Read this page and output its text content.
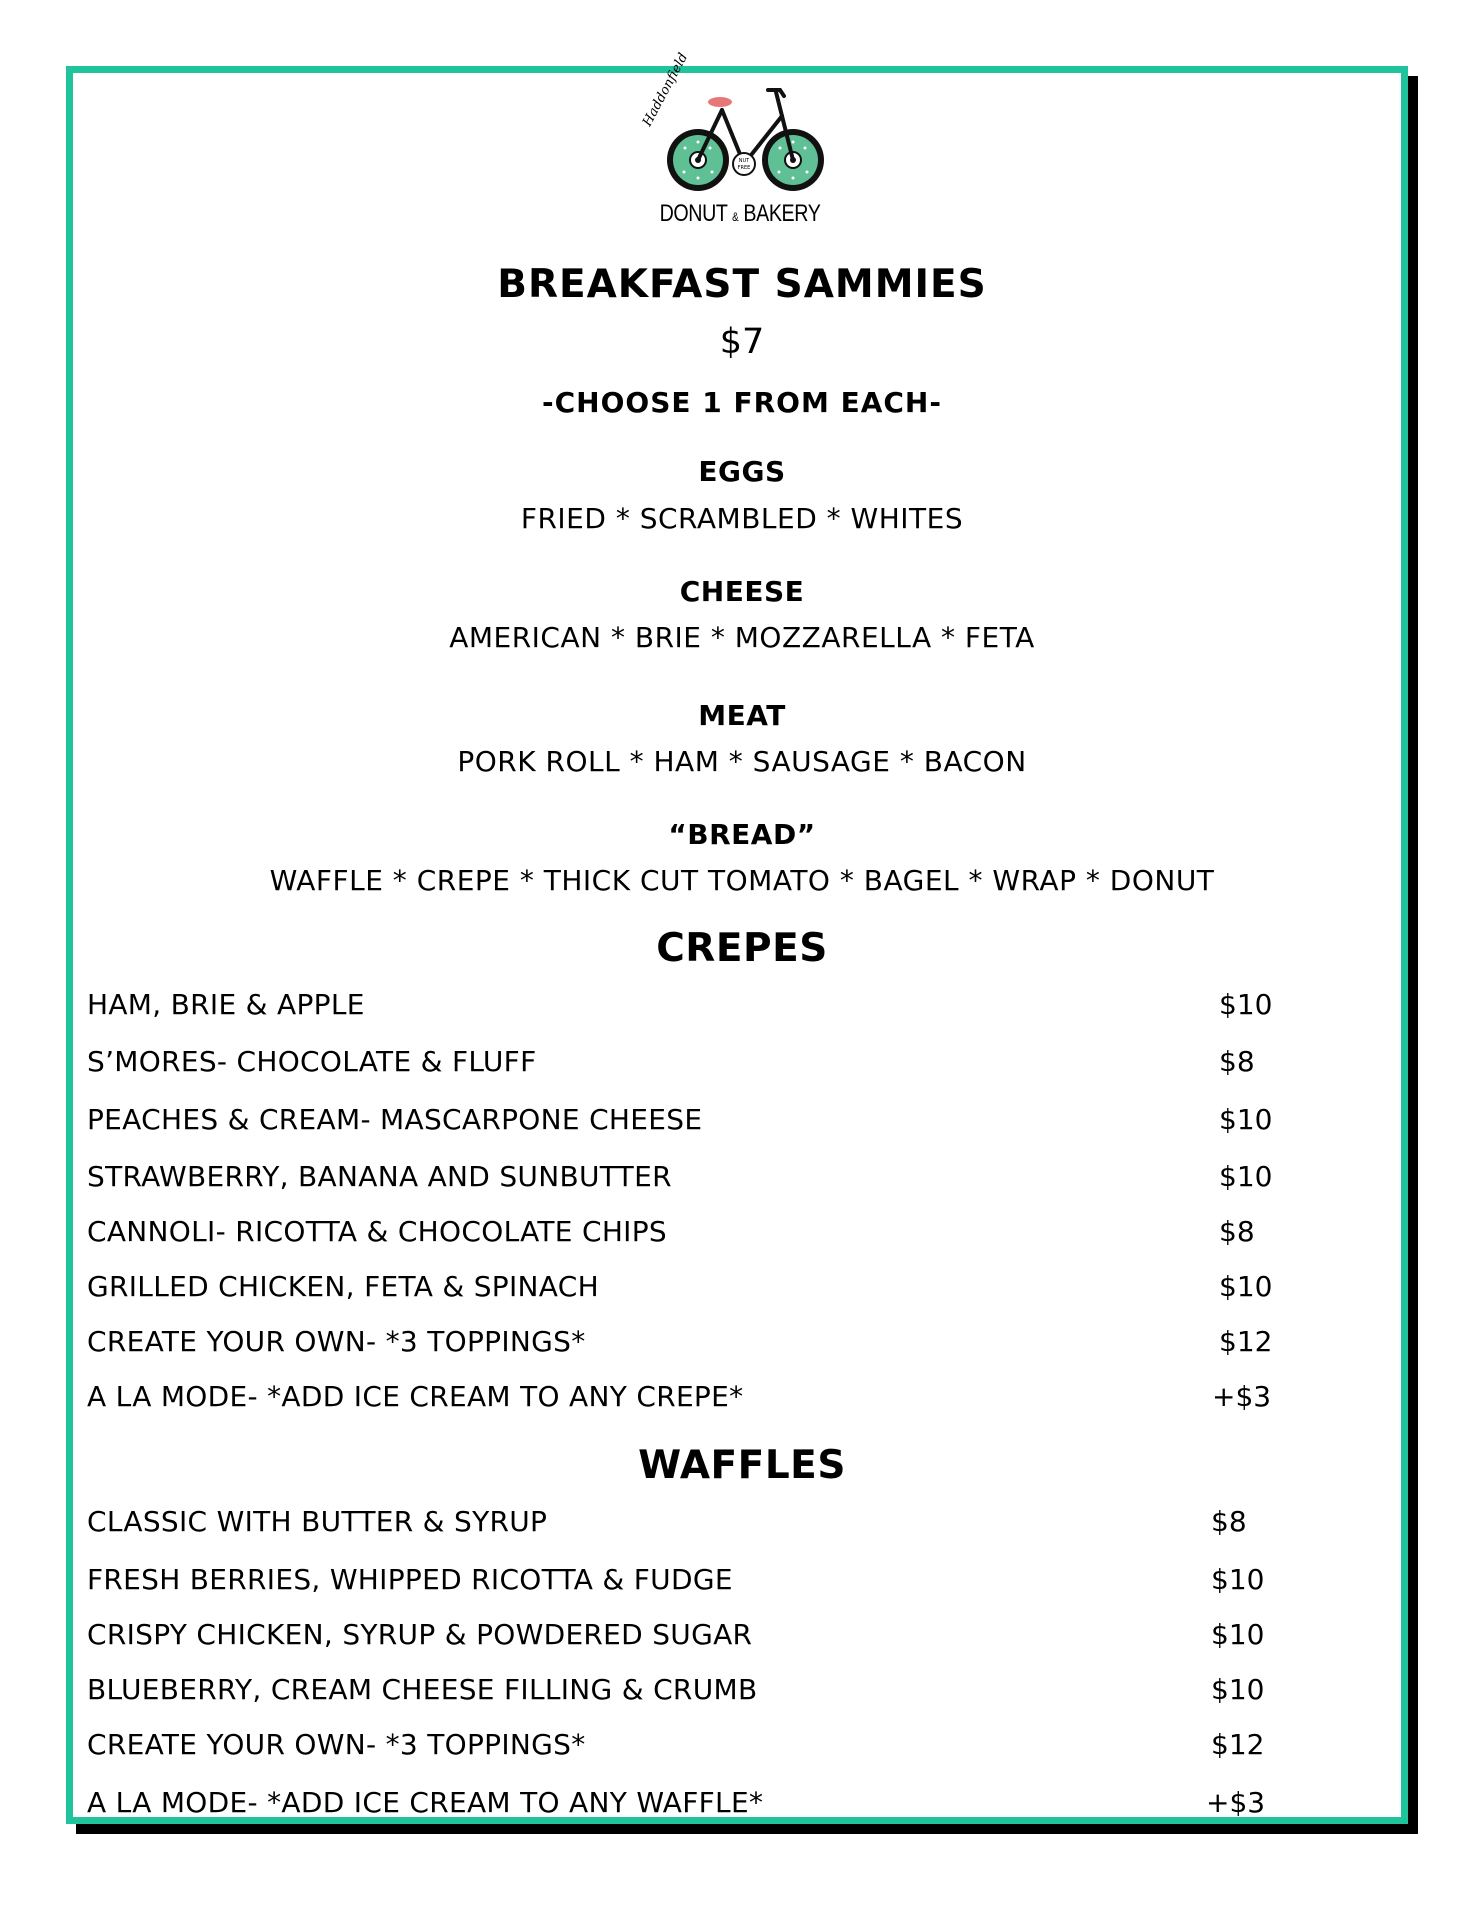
NUT
FREE
Haddonfield
DONUT & BAKERY
BREAKFAST SAMMIES
$7
-CHOOSE 1 FROM EACH-
EGGS
FRIED * SCRAMBLED * WHITES
CHEESE
AMERICAN * BRIE * MOZZARELLA * FETA
MEAT
PORK ROLL * HAM * SAUSAGE * BACON
“BREAD”
WAFFLE * CREPE * THICK CUT TOMATO * BAGEL * WRAP * DONUT
CREPES
HAM, BRIE & APPLE	$10
S’MORES- CHOCOLATE & FLUFF	$8
PEACHES & CREAM- MASCARPONE CHEESE	$10
STRAWBERRY, BANANA AND SUNBUTTER	$10
CANNOLI- RICOTTA & CHOCOLATE CHIPS	$8
GRILLED CHICKEN, FETA & SPINACH	$10
CREATE YOUR OWN- *3 TOPPINGS*	$12
A LA MODE- *ADD ICE CREAM TO ANY CREPE*	+$3
WAFFLES
CLASSIC WITH BUTTER & SYRUP	$8
FRESH BERRIES, WHIPPED RICOTTA & FUDGE	$10
CRISPY CHICKEN, SYRUP & POWDERED SUGAR	$10
BLUEBERRY, CREAM CHEESE FILLING & CRUMB	$10
CREATE YOUR OWN- *3 TOPPINGS*	$12
A LA MODE- *ADD ICE CREAM TO ANY WAFFLE*	+$3
